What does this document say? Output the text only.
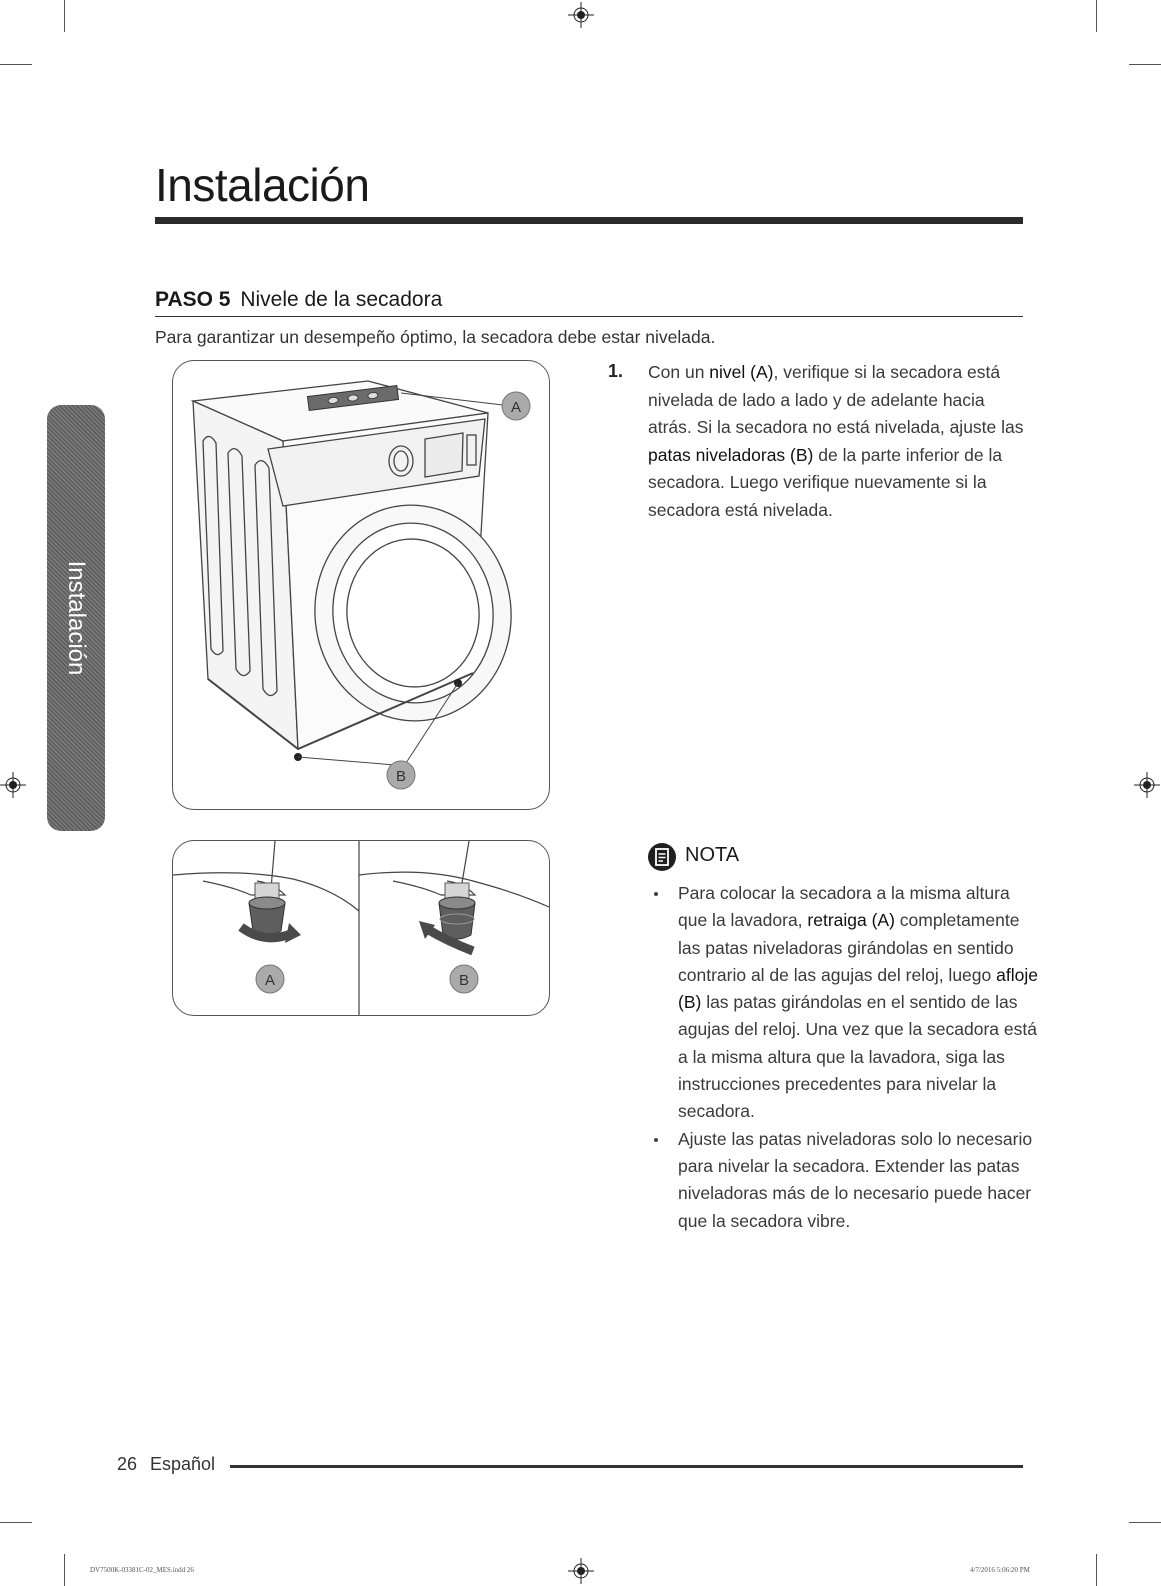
Instalación
Instalación
PASO 5 Nivele de la secadora
Para garantizar un desempeño óptimo, la secadora debe estar nivelada.
1. Con un nivel (A), verifique si la secadora está nivelada de lado a lado y de adelante hacia atrás. Si la secadora no está nivelada, ajuste las patas niveladoras (B) de la parte inferior de la secadora. Luego verifique nuevamente si la secadora está nivelada.
A
B
A	B
NOTA
Para colocar la secadora a la misma altura que la lavadora, retraiga (A) completamente las patas niveladoras girándolas en sentido contrario al de las agujas del reloj, luego afloje (B) las patas girándolas en el sentido de las agujas del reloj. Una vez que la secadora está a la misma altura que la lavadora, siga las instrucciones precedentes para nivelar la secadora.
Ajuste las patas niveladoras solo lo necesario para nivelar la secadora. Extender las patas niveladoras más de lo necesario puede hacer que la secadora vibre.
26 Español
DV7500K-03381C-02_MES.indd 26	4/7/2016 5:06:20 PM
